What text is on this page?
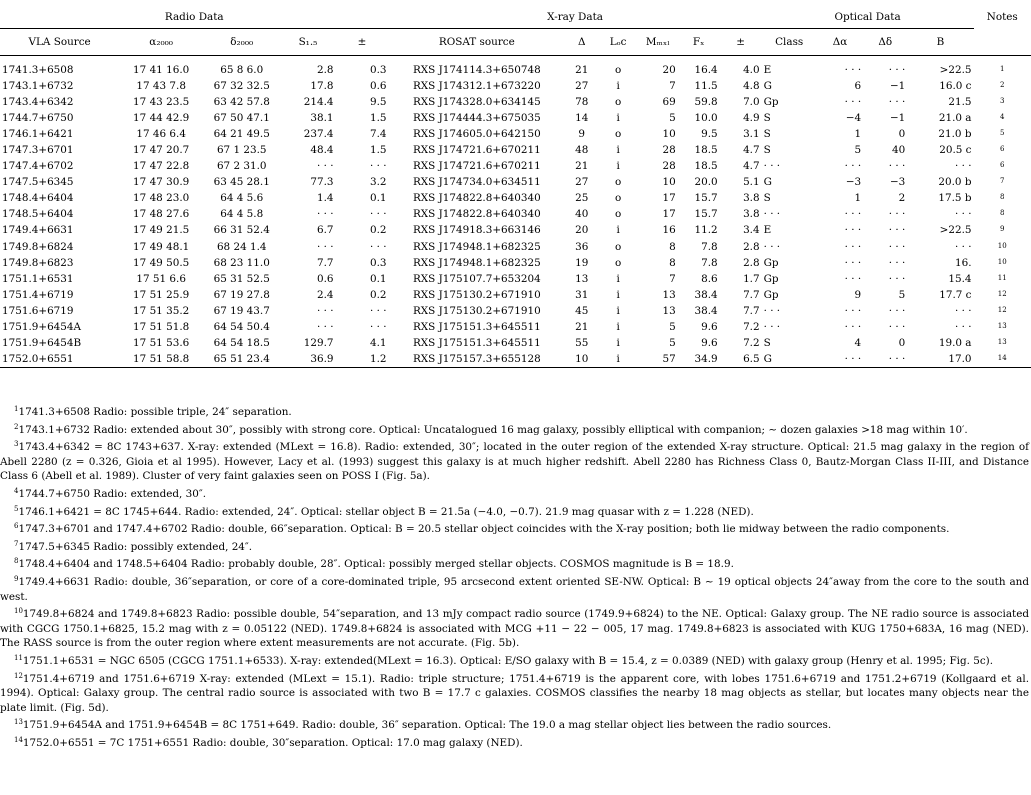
Radio Data					X-ray Data						Optical Data				Notes
VLA Source	α₂₀₀₀	δ₂₀₀₀	S₁.₅	±	ROSAT source	Δ	Lₒc	Mₘₓₗ	Fₓ	±	Class	Δα	Δδ	B	

1741.3+6508	17 41 16.0	65 8 6.0	2.8	0.3	RXS J174114.3+650748	21	o	20	16.4	4.0	E	· · ·	· · ·	>22.5	$^1$
1743.1+6732	17 43 7.8	67 32 32.5	17.8	0.6	RXS J174312.1+673220	27	i	7	11.5	4.8	G	6	−1	16.0 c	$^2$
1743.4+6342	17 43 23.5	63 42 57.8	214.4	9.5	RXS J174328.0+634145	78	o	69	59.8	7.0	Gp	· · ·	· · ·	21.5	$^3$
1744.7+6750	17 44 42.9	67 50 47.1	38.1	1.5	RXS J174444.3+675035	14	i	5	10.0	4.9	S	−4	−1	21.0 a	$^4$
1746.1+6421	17 46 6.4	64 21 49.5	237.4	7.4	RXS J174605.0+642150	9	o	10	9.5	3.1	S	1	0	21.0 b	$^5$
1747.3+6701	17 47 20.7	67 1 23.5	48.4	1.5	RXS J174721.6+670211	48	i	28	18.5	4.7	S	5	40	20.5 c	$^6$
1747.4+6702	17 47 22.8	67 2 31.0	· · ·	· · ·	RXS J174721.6+670211	21	i	28	18.5	4.7	· · ·	· · ·	· · ·	· · ·	$^6$
1747.5+6345	17 47 30.9	63 45 28.1	77.3	3.2	RXS J174734.0+634511	27	o	10	20.0	5.1	G	−3	−3	20.0 b	$^7$
1748.4+6404	17 48 23.0	64 4 5.6	1.4	0.1	RXS J174822.8+640340	25	o	17	15.7	3.8	S	1	2	17.5 b	$^8$
1748.5+6404	17 48 27.6	64 4 5.8	· · ·	· · ·	RXS J174822.8+640340	40	o	17	15.7	3.8	· · ·	· · ·	· · ·	· · ·	$^8$
1749.4+6631	17 49 21.5	66 31 52.4	6.7	0.2	RXS J174918.3+663146	20	i	16	11.2	3.4	E	· · ·	· · ·	>22.5	$^9$
1749.8+6824	17 49 48.1	68 24 1.4	· · ·	· · ·	RXS J174948.1+682325	36	o	8	7.8	2.8	· · ·	· · ·	· · ·	· · ·	$^{10}$
1749.8+6823	17 49 50.5	68 23 11.0	7.7	0.3	RXS J174948.1+682325	19	o	8	7.8	2.8	Gp	· · ·	· · ·	16.	$^{10}$
1751.1+6531	17 51 6.6	65 31 52.5	0.6	0.1	RXS J175107.7+653204	13	i	7	8.6	1.7	Gp	· · ·	· · ·	15.4	$^{11}$
1751.4+6719	17 51 25.9	67 19 27.8	2.4	0.2	RXS J175130.2+671910	31	i	13	38.4	7.7	Gp	9	5	17.7 c	$^{12}$
1751.6+6719	17 51 35.2	67 19 43.7	· · ·	· · ·	RXS J175130.2+671910	45	i	13	38.4	7.7	· · ·	· · ·	· · ·	· · ·	$^{12}$
1751.9+6454A	17 51 51.8	64 54 50.4	· · ·	· · ·	RXS J175151.3+645511	21	i	5	9.6	7.2	· · ·	· · ·	· · ·	· · ·	$^{13}$
1751.9+6454B	17 51 53.6	64 54 18.5	129.7	4.1	RXS J175151.3+645511	55	i	5	9.6	7.2	S	4	0	19.0 a	$^{13}$
1752.0+6551	17 51 58.8	65 51 23.4	36.9	1.2	RXS J175157.3+655128	10	i	57	34.9	6.5	G	· · ·	· · ·	17.0	$^{14}$

$^1$1741.3+6508 Radio: possible triple, 24″ separation.

$^2$1743.1+6732 Radio: extended about 30″, possibly with strong core. Optical: Uncatalogued 16 mag galaxy, possibly elliptical with companion; ∼ dozen galaxies >18 mag within 10′.

$^3$1743.4+6342 = 8C 1743+637. X-ray: extended (MLext = 16.8). Radio: extended, 30″; located in the outer region of the extended X-ray structure. Optical: 21.5 mag galaxy in the region of Abell 2280 (z = 0.326, Gioia et al 1995). However, Lacy et al. (1993) suggest this galaxy is at much higher redshift. Abell 2280 has Richness Class 0, Bautz-Morgan Class II-III, and Distance Class 6 (Abell et al. 1989). Cluster of very faint galaxies seen on POSS I (Fig. 5a).

$^4$1744.7+6750 Radio: extended, 30″.

$^5$1746.1+6421 = 8C 1745+644. Radio: extended, 24″. Optical: stellar object B = 21.5a (−4.0, −0.7). 21.9 mag quasar with z = 1.228 (NED).

$^6$1747.3+6701 and 1747.4+6702 Radio: double, 66″separation. Optical: B = 20.5 stellar object coincides with the X-ray position; both lie midway between the radio components.

$^7$1747.5+6345 Radio: possibly extended, 24″.

$^8$1748.4+6404 and 1748.5+6404 Radio: probably double, 28″. Optical: possibly merged stellar objects. COSMOS magnitude is B = 18.9.

$^9$1749.4+6631 Radio: double, 36″separation, or core of a core-dominated triple, 95 arcsecond extent oriented SE-NW. Optical: B ∼ 19 optical objects 24″away from the core to the south and west.

$^{10}$1749.8+6824 and 1749.8+6823 Radio: possible double, 54″separation, and 13 mJy compact radio source (1749.9+6824) to the NE. Optical: Galaxy group. The NE radio source is associated with CGCG 1750.1+6825, 15.2 mag with z = 0.05122 (NED). 1749.8+6824 is associated with MCG +11 − 22 − 005, 17 mag. 1749.8+6823 is associated with KUG 1750+683A, 16 mag (NED). The RASS source is from the outer region where extent measurements are not accurate. (Fig. 5b).

$^{11}$1751.1+6531 = NGC 6505 (CGCG 1751.1+6533). X-ray: extended(MLext = 16.3). Optical: E/SO galaxy with B = 15.4, z = 0.0389 (NED) with galaxy group (Henry et al. 1995; Fig. 5c).

$^{12}$1751.4+6719 and 1751.6+6719 X-ray: extended (MLext = 15.1). Radio: triple structure; 1751.4+6719 is the apparent core, with lobes 1751.6+6719 and 1751.2+6719 (Kollgaard et al. 1994). Optical: Galaxy group. The central radio source is associated with two B = 17.7 c galaxies. COSMOS classifies the nearby 18 mag objects as stellar, but locates many objects near the plate limit. (Fig. 5d).

$^{13}$1751.9+6454A and 1751.9+6454B = 8C 1751+649. Radio: double, 36″ separation. Optical: The 19.0 a mag stellar object lies between the radio sources.

$^{14}$1752.0+6551 = 7C 1751+6551 Radio: double, 30″separation. Optical: 17.0 mag galaxy (NED).
